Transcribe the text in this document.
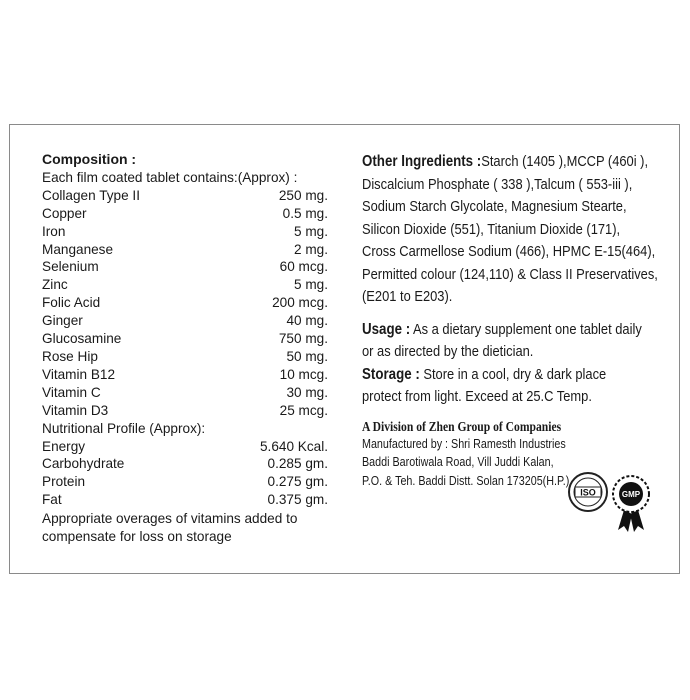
Composition :
Each film coated tablet contains:(Approx) :
Collagen Type II	250 mg.
Copper	0.5 mg.
Iron	5 mg.
Manganese	2 mg.
Selenium	60 mcg.
Zinc	5 mg.
Folic Acid	200 mcg.
Ginger	40 mg.
Glucosamine	750 mg.
Rose Hip	50 mg.
Vitamin B12	10 mcg.
Vitamin C	30 mg.
Vitamin D3	25 mcg.
Nutritional Profile (Approx):
Energy	5.640 Kcal.
Carbohydrate	0.285 gm.
Protein	0.275 gm.
Fat	0.375 gm.
Appropriate overages of vitamins added to
compensate for loss on storage
Other Ingredients :Starch (1405 ),MCCP (460i ),
Discalcium Phosphate ( 338 ),Talcum ( 553-iii ),
Sodium Starch Glycolate, Magnesium Stearte,
Silicon Dioxide (551), Titanium Dioxide (171),
Cross Carmellose Sodium (466), HPMC E-15(464),
Permitted colour (124,110) & Class II Preservatives,
(E201 to E203).
Usage : As a dietary supplement one tablet daily
or as directed by the dietician.
Storage : Store in a cool, dry & dark place
protect from light. Exceed at 25.C Temp.
A Division of Zhen Group of Companies
Manufactured by : Shri Ramesth Industries
Baddi Barotiwala Road, Vill Juddi Kalan,
P.O. & Teh. Baddi Distt. Solan 173205(H.P.)
ISO	GMP
